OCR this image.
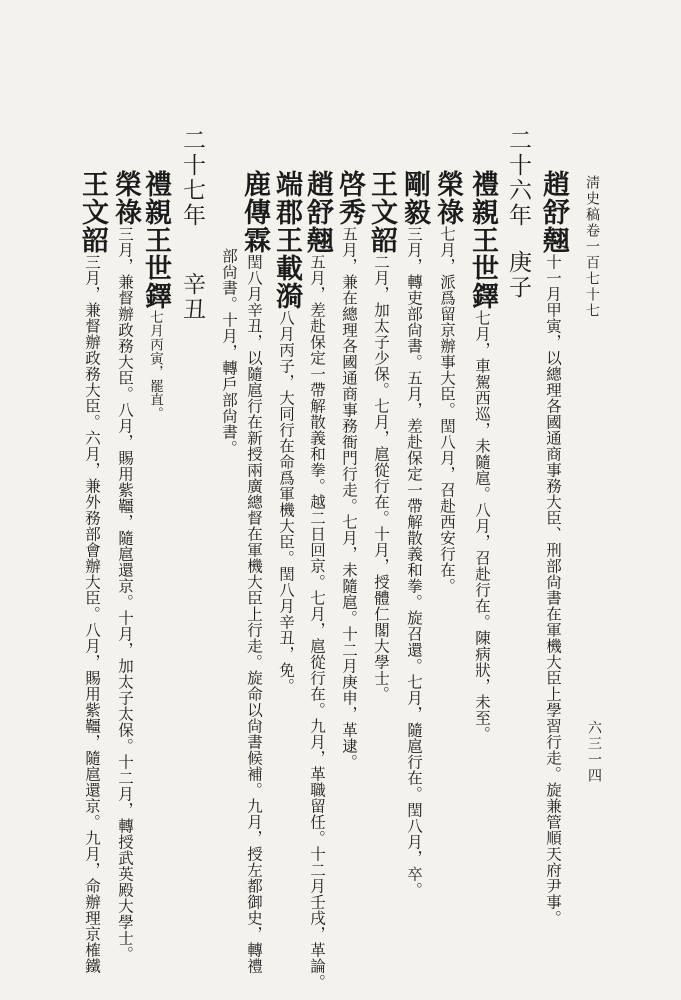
淸史稿卷一百七十七
六三一四
趙舒翹十一月甲寅，以總理各國通商事務大臣、刑部尙書在軍機大臣上學習行走。旋兼管順天府尹事。
二十六年庚子
禮親王世鐸七月，車駕西巡，未隨扈。八月，召赴行在。陳病狀，未至。
榮祿七月，派爲留京辦事大臣。閏八月，召赴西安行在。
剛毅三月，轉吏部尙書。五月，差赴保定一帶解散義和拳。旋召還。七月，隨扈行在。閏八月，卒。
王文韶二月，加太子少保。七月，扈從行在。十月，授體仁閣大學士。
啓秀五月，兼在總理各國通商事務衙門行走。七月，未隨扈。十二月庚申，革逮。
趙舒翹五月，差赴保定一帶解散義和拳。越二日回京。七月，扈從行在。九月，革職留任。十二月壬戌，革論。
端郡王載漪八月丙子，大同行在命爲軍機大臣。閏八月辛丑，免。
鹿傳霖閏八月辛丑，以隨扈行在新授兩廣總督在軍機大臣上行走。旋命以尙書候補。九月，授左都御史，轉禮
部尙書。十月，轉戶部尙書。
二十七年辛丑
禮親王世鐸七月丙寅，罷直。
榮祿三月，兼督辦政務大臣。八月，賜用紫韁，隨扈還京。十月，加太子太保。十二月，轉授武英殿大學士。
王文韶三月，兼督辦政務大臣。六月，兼外務部會辦大臣。八月，賜用紫韁，隨扈還京。九月，命辦理京榷鐵
